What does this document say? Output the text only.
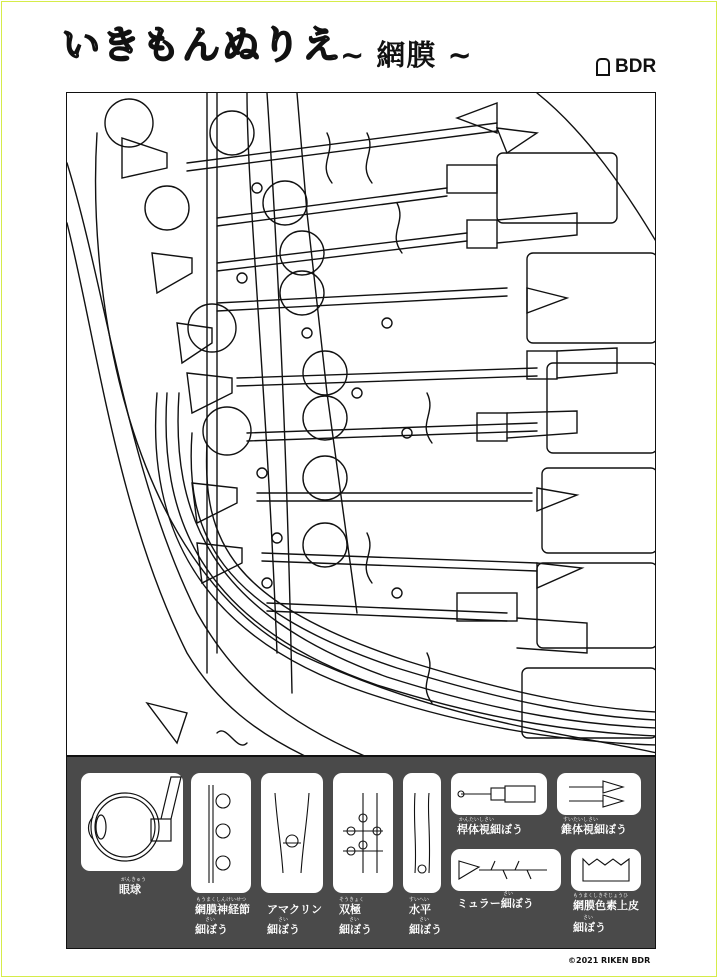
いきもんぬりえ
~ 網膜 ~	BDR
がんきゅう
眼球
もうまくしんけいせつ
網膜神経節
さい
細ぼう
アマクリン
さい
細ぼう
そうきょく
双極
さい
細ぼう
すいへい
水平
さい
細ぼう
かんたいしさい
桿体視細ぼう
すいたいしさい
錐体視細ぼう
さい
ミュラー細ぼう
もうまくしきそじょうひ
網膜色素上皮
さい
細ぼう
©2021 RIKEN BDR
